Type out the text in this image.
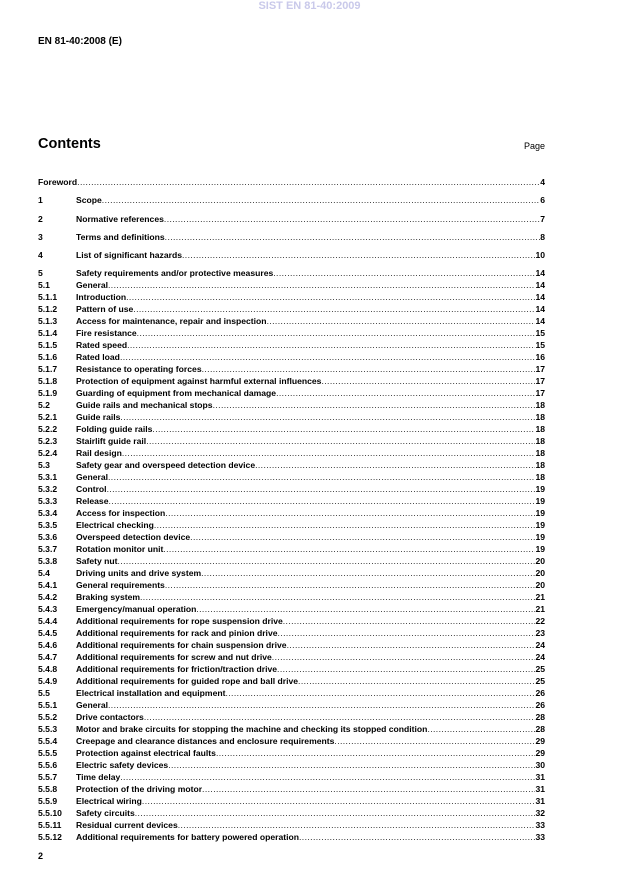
SIST EN 81-40:2009
EN 81-40:2008 (E)
Contents	Page
Foreword .....	4
1	Scope .....	6
2	Normative references .....	7
3	Terms and definitions .....	8
4	List of significant hazards .....	10
5	Safety requirements and/or protective measures .....	14
5.1	General .....	14
5.1.1	Introduction .....	14
5.1.2	Pattern of use .....	14
5.1.3	Access for maintenance, repair and inspection .....	14
5.1.4	Fire resistance .....	15
5.1.5	Rated speed .....	15
5.1.6	Rated load .....	16
5.1.7	Resistance to operating forces .....	17
5.1.8	Protection of equipment against harmful external influences .....	17
5.1.9	Guarding of equipment from mechanical damage .....	17
5.2	Guide rails and mechanical stops .....	18
5.2.1	Guide rails .....	18
5.2.2	Folding guide rails .....	18
5.2.3	Stairlift guide rail .....	18
5.2.4	Rail design .....	18
5.3	Safety gear and overspeed detection device .....	18
5.3.1	General .....	18
5.3.2	Control .....	19
5.3.3	Release .....	19
5.3.4	Access for inspection .....	19
5.3.5	Electrical checking .....	19
5.3.6	Overspeed detection device .....	19
5.3.7	Rotation monitor unit .....	19
5.3.8	Safety nut .....	20
5.4	Driving units and drive system .....	20
5.4.1	General requirements .....	20
5.4.2	Braking system .....	21
5.4.3	Emergency/manual operation .....	21
5.4.4	Additional requirements for rope suspension drive .....	22
5.4.5	Additional requirements for rack and pinion drive .....	23
5.4.6	Additional requirements for chain suspension drive .....	24
5.4.7	Additional requirements for screw and nut drive .....	24
5.4.8	Additional requirements for friction/traction drive .....	25
5.4.9	Additional requirements for guided rope and ball drive .....	25
5.5	Electrical installation and equipment .....	26
5.5.1	General .....	26
5.5.2	Drive contactors .....	28
5.5.3	Motor and brake circuits for stopping the machine and checking its stopped condition .....	28
5.5.4	Creepage and clearance distances and enclosure requirements .....	29
5.5.5	Protection against electrical faults .....	29
5.5.6	Electric safety devices .....	30
5.5.7	Time delay .....	31
5.5.8	Protection of the driving motor .....	31
5.5.9	Electrical wiring .....	31
5.5.10	Safety circuits .....	32
5.5.11	Residual current devices .....	33
5.5.12	Additional requirements for battery powered operation .....	33
2
